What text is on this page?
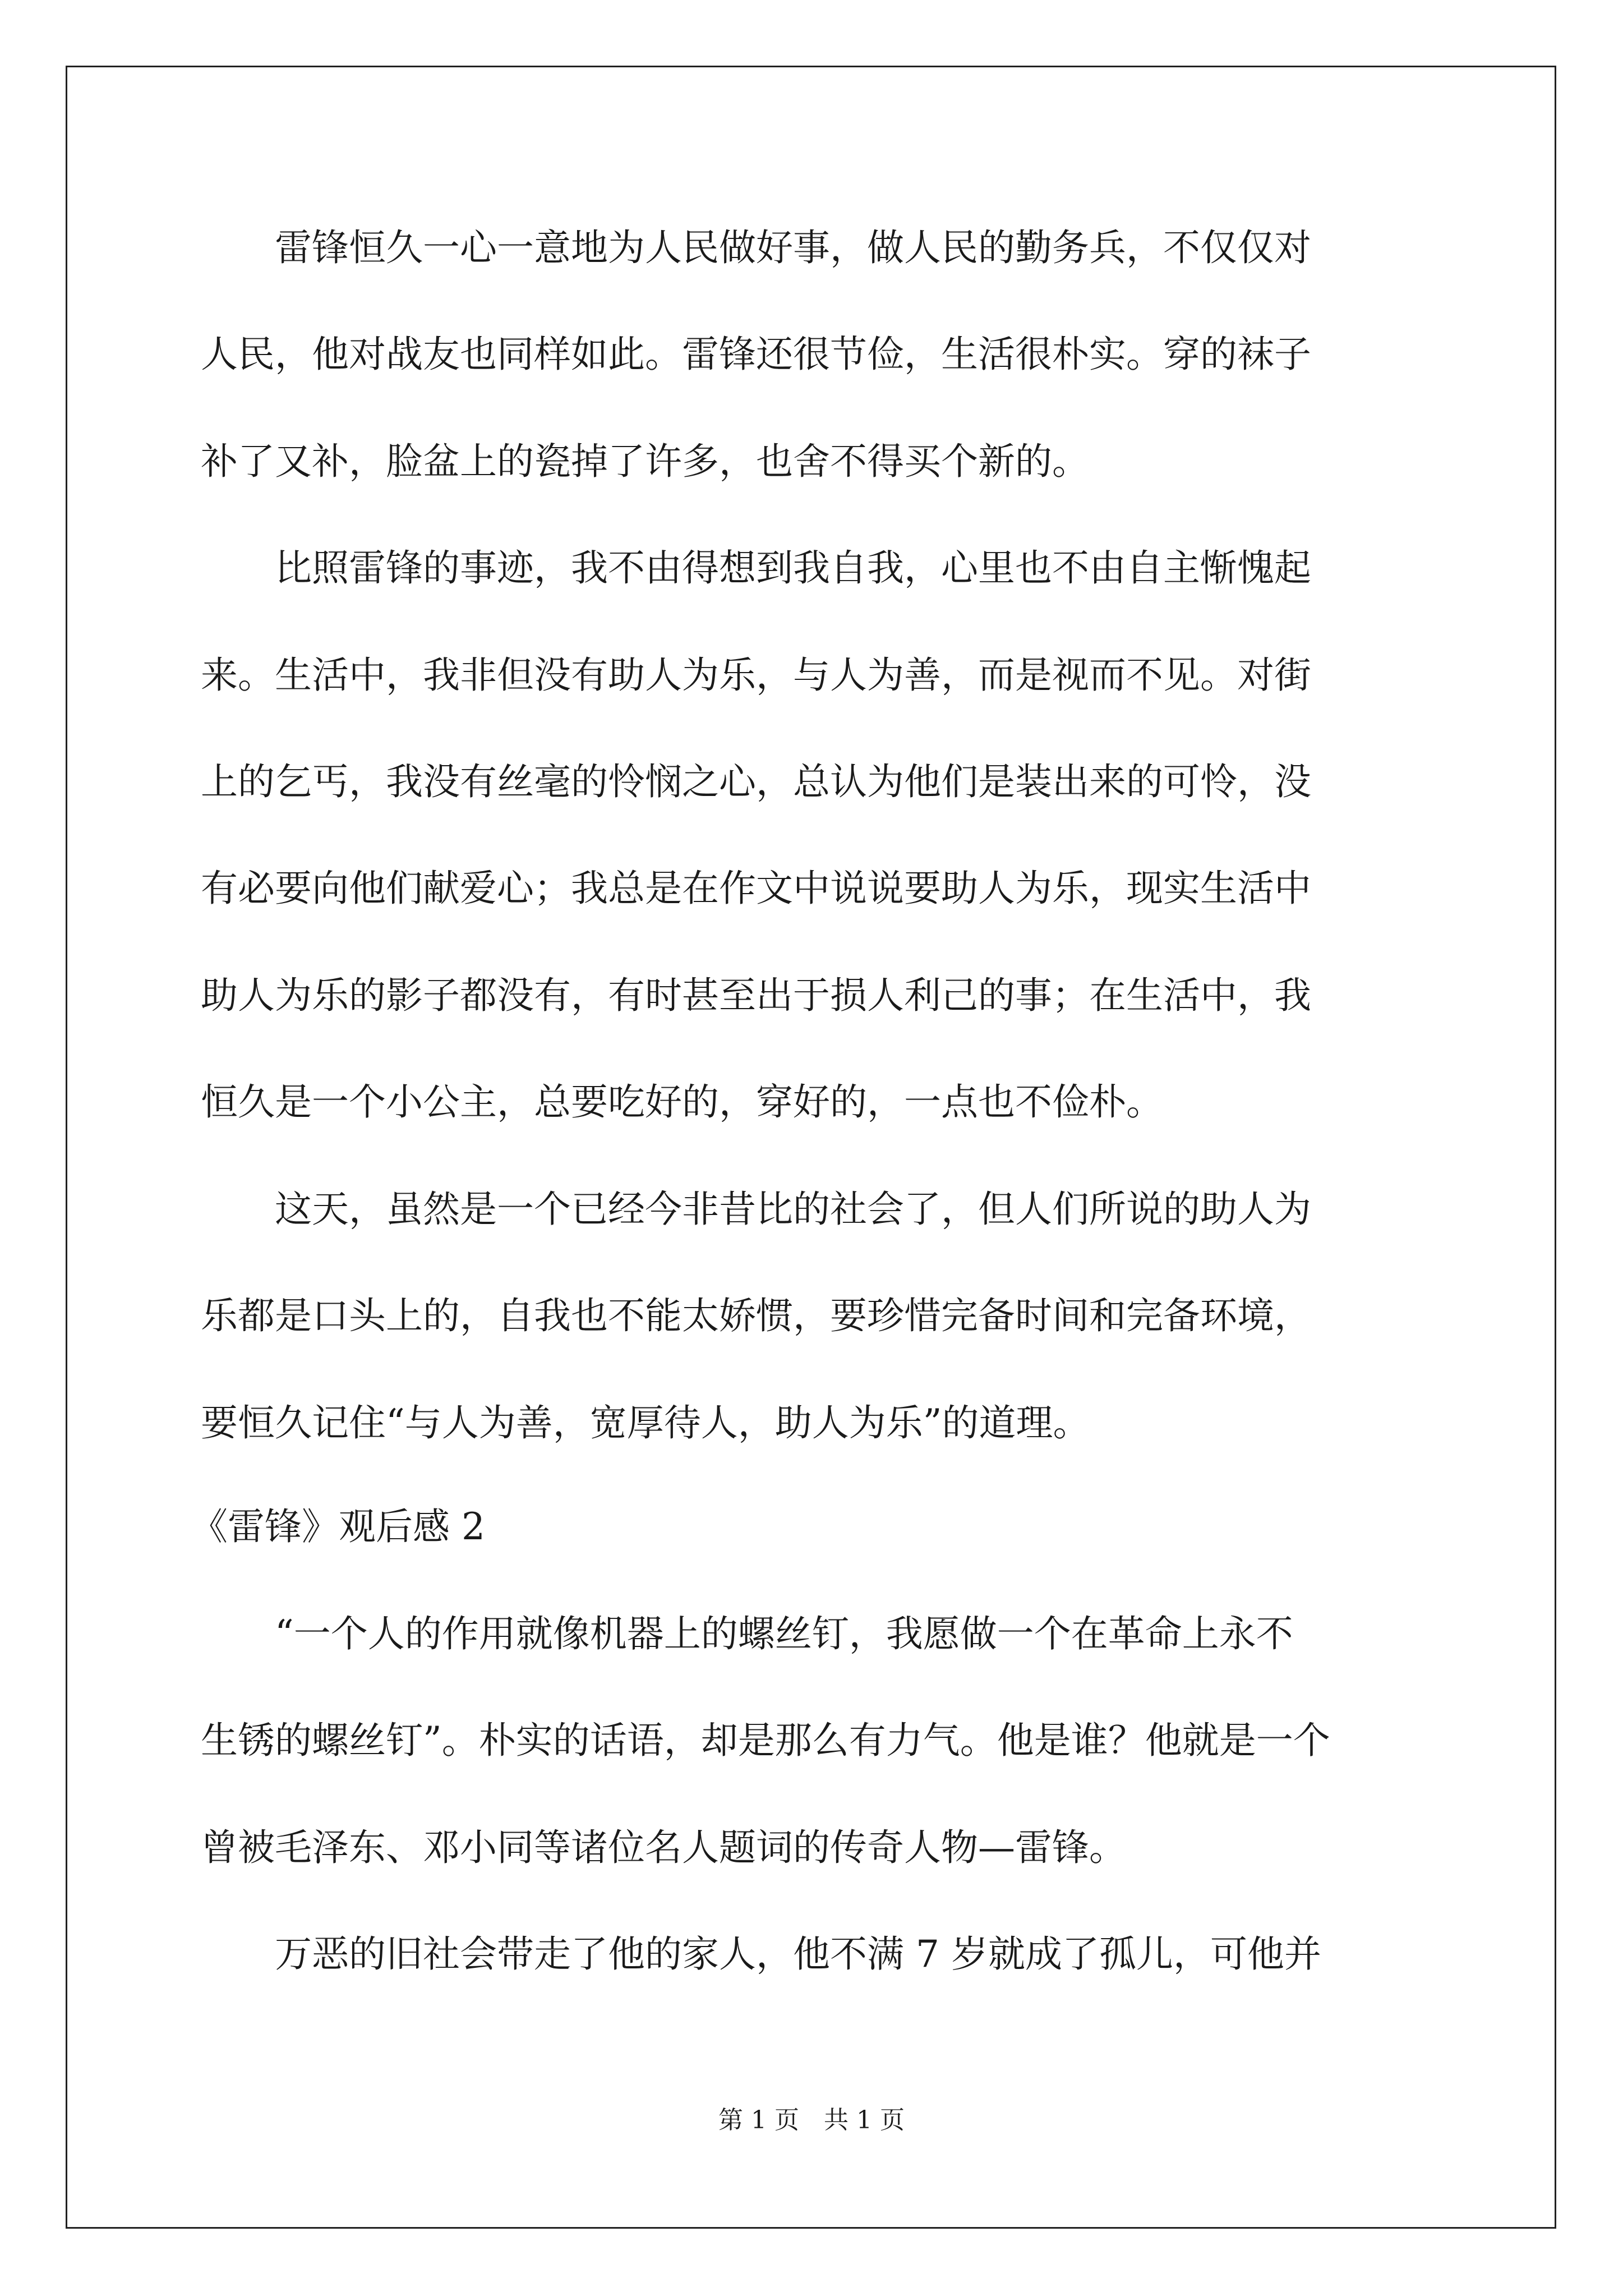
　　雷锋恒久一心一意地为人民做好事，做人民的勤务兵，不仅仅对
人民，他对战友也同样如此。雷锋还很节俭，生活很朴实。穿的袜子
补了又补，脸盆上的瓷掉了许多，也舍不得买个新的。
　　比照雷锋的事迹，我不由得想到我自我，心里也不由自主惭愧起
来。生活中，我非但没有助人为乐，与人为善，而是视而不见。对街
上的乞丐，我没有丝毫的怜悯之心，总认为他们是装出来的可怜，没
有必要向他们献爱心；我总是在作文中说说要助人为乐，现实生活中
助人为乐的影子都没有，有时甚至出于损人利己的事；在生活中，我
恒久是一个小公主，总要吃好的，穿好的，一点也不俭朴。
　　这天，虽然是一个已经今非昔比的社会了，但人们所说的助人为
乐都是口头上的，自我也不能太娇惯，要珍惜完备时间和完备环境，
要恒久记住“与人为善，宽厚待人，助人为乐”的道理。
《雷锋》观后感 2
　　“一个人的作用就像机器上的螺丝钉，我愿做一个在革命上永不
生锈的螺丝钉”。朴实的话语，却是那么有力气。他是谁？他就是一个
曾被毛泽东、邓小同等诸位名人题词的传奇人物—雷锋。
　　万恶的旧社会带走了他的家人，他不满 7 岁就成了孤儿，可他并
第 1 页　共 1 页
